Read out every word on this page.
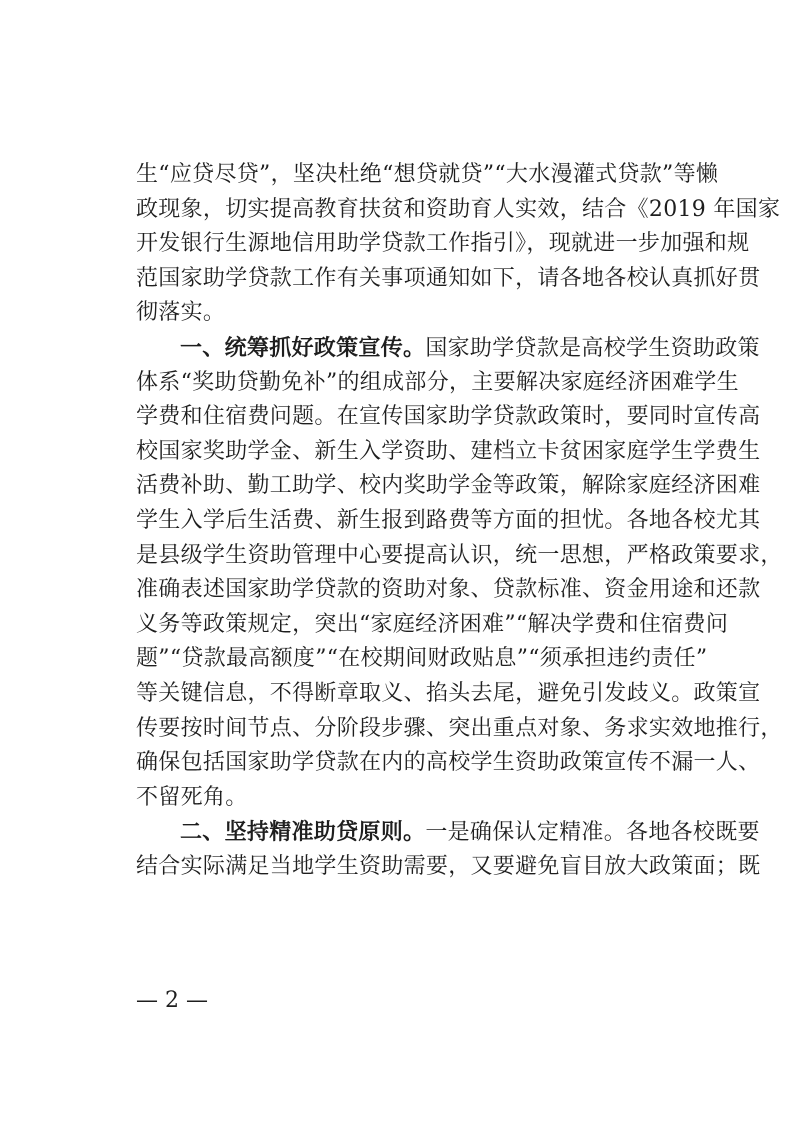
生“应贷尽贷”，坚决杜绝“想贷就贷”“大水漫灌式贷款”等懒
政现象，切实提高教育扶贫和资助育人实效，结合《2019 年国家
开发银行生源地信用助学贷款工作指引》，现就进一步加强和规
范国家助学贷款工作有关事项通知如下，请各地各校认真抓好贯
彻落实。
一、统筹抓好政策宣传。国家助学贷款是高校学生资助政策
体系“奖助贷勤免补”的组成部分，主要解决家庭经济困难学生
学费和住宿费问题。在宣传国家助学贷款政策时，要同时宣传高
校国家奖助学金、新生入学资助、建档立卡贫困家庭学生学费生
活费补助、勤工助学、校内奖助学金等政策，解除家庭经济困难
学生入学后生活费、新生报到路费等方面的担忧。各地各校尤其
是县级学生资助管理中心要提高认识，统一思想，严格政策要求，
准确表述国家助学贷款的资助对象、贷款标准、资金用途和还款
义务等政策规定，突出“家庭经济困难”“解决学费和住宿费问
题”“贷款最高额度”“在校期间财政贴息”“须承担违约责任”
等关键信息，不得断章取义、掐头去尾，避免引发歧义。政策宣
传要按时间节点、分阶段步骤、突出重点对象、务求实效地推行，
确保包括国家助学贷款在内的高校学生资助政策宣传不漏一人、
不留死角。
二、坚持精准助贷原则。一是确保认定精准。各地各校既要
结合实际满足当地学生资助需要，又要避免盲目放大政策面；既
— 2 —
